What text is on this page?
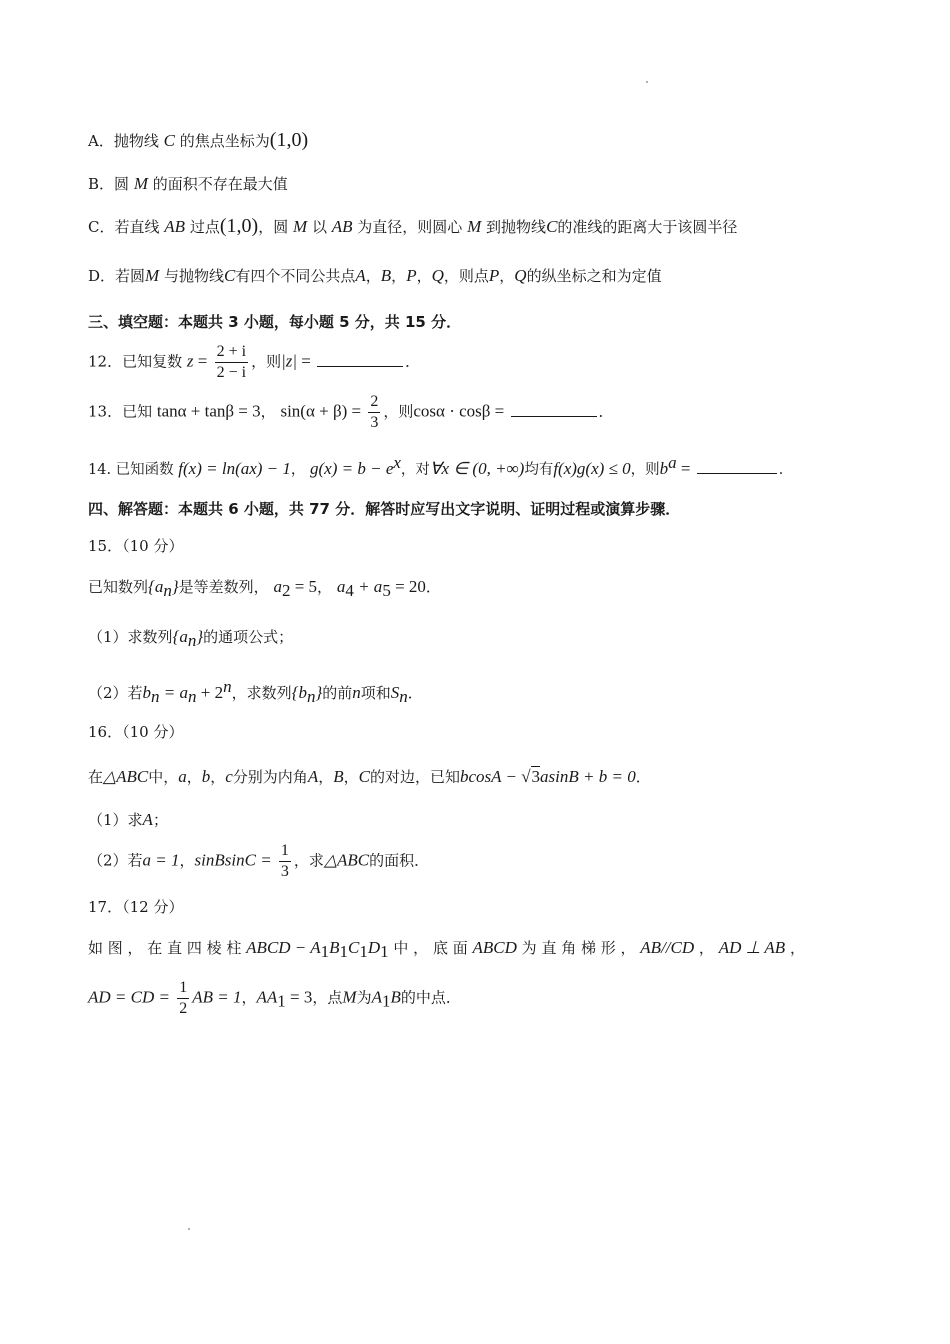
A．抛物线 C 的焦点坐标为(1,0)
B．圆 M 的面积不存在最大值
C．若直线 AB 过点(1,0)，圆 M 以 AB 为直径，则圆心 M 到抛物线C的准线的距离大于该圆半径
D．若圆M 与抛物线C有四个不同公共点A，B，P，Q，则点P，Q的纵坐标之和为定值
三、填空题：本题共 3 小题，每小题 5 分，共 15 分．
12．已知复数 $z = \frac{2 + i}{2 - i}$ ，则|z| =	．
13．已知 tanα + tanβ = 3， $\sin(\alpha + \beta) = \frac{2}{3}$ ，则cosα · cosβ =	．
14. 已知函数 f(x) = ln(ax) − 1， $g(x) = b - e^x$，对∀x ∈ (0, +∞)均有f(x)g(x) ≤ 0，则$b^a$ =	．
四、解答题：本题共 6 小题，共 77 分．解答时应写出文字说明、证明过程或演算步骤．
15．（10 分）
已知数列$\{a_n\}$是等差数列， $a_2 = 5$， $a_4 + a_5 = 20$．
（1）求数列$\{a_n\}$的通项公式；
（2）若$b_n = a_n + 2^n$，求数列$\{b_n\}$的前n项和$S_n$．
16．（10 分）
在△ABC中，a，b，c分别为内角A，B，C的对边，已知bcosA − √3asinB + b = 0．
（1）求A；
（2）若a = 1，sinBsinC = $\frac{1}{3}$ ，求△ABC的面积．
17．（12 分）
如 图 ， 在 直 四 棱 柱 ABCD − $A_1B_1C_1D_1$ 中 ， 底 面 ABCD 为 直 角 梯 形 ， AB//CD ， AD ⊥ AB ，
AD = CD = $\frac{1}{2}$ AB = 1，$AA_1 = 3$，点M为$A_1B$的中点．
